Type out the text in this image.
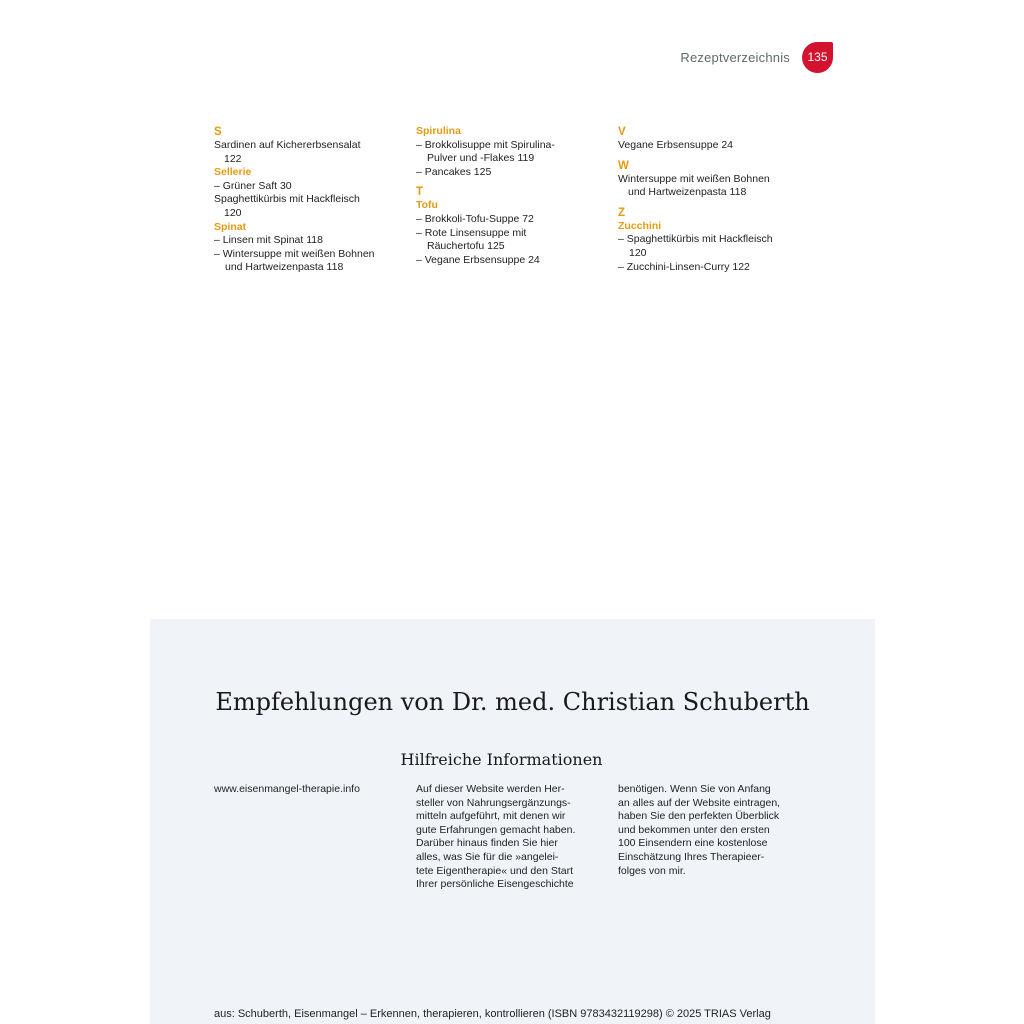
Rezeptverzeichnis	135
S
Sardinen auf Kichererbsensalat
122
Sellerie
– Grüner Saft 30
Spaghettikürbis mit Hackfleisch
120
Spinat
– Linsen mit Spinat 118
– Wintersuppe mit weißen Bohnen
und Hartweizenpasta 118
Spirulina
– Brokkolisuppe mit Spirulina-
Pulver und -Flakes 119
– Pancakes 125
T
Tofu
– Brokkoli-Tofu-Suppe 72
– Rote Linsensuppe mit
Räuchertofu 125
– Vegane Erbsensuppe 24
V
Vegane Erbsensuppe 24
W
Wintersuppe mit weißen Bohnen
und Hartweizenpasta 118
Z
Zucchini
– Spaghettikürbis mit Hackfleisch
120
– Zucchini-Linsen-Curry 122
Empfehlungen von Dr. med. Christian Schuberth
Hilfreiche Informationen
www.eisenmangel-therapie.info	Auf dieser Website werden Her-
steller von Nahrungsergänzungs-
mitteln aufgeführt, mit denen wir
gute Erfahrungen gemacht haben.
Darüber hinaus finden Sie hier
alles, was Sie für die »angelei-
tete Eigentherapie« und den Start
Ihrer persönliche Eisengeschichte
benötigen. Wenn Sie von Anfang
an alles auf der Website eintragen,
haben Sie den perfekten Überblick
und bekommen unter den ersten
100 Einsendern eine kostenlose
Einschätzung Ihres Therapieer-
folges von mir.
aus: Schuberth, Eisenmangel – Erkennen, therapieren, kontrollieren (ISBN 9783432119298) © 2025 TRIAS Verlag
